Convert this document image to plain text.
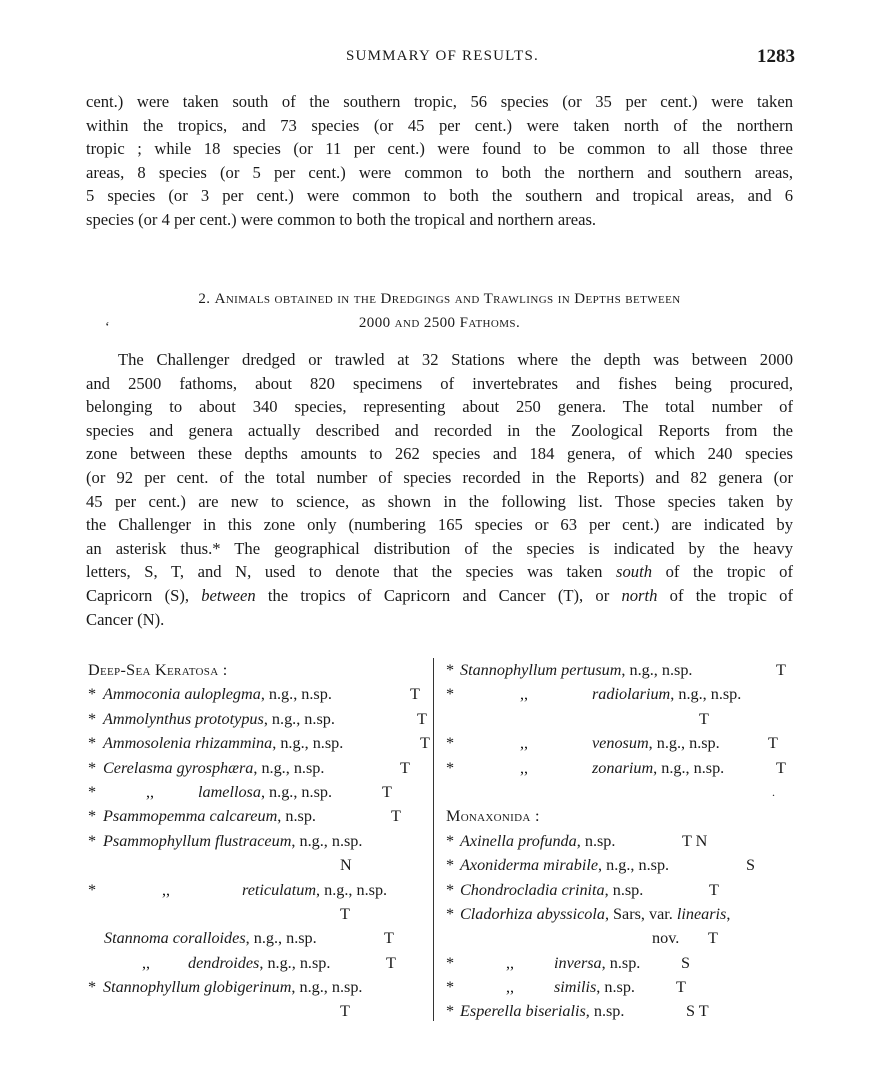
SUMMARY OF RESULTS.	1283
cent.) were taken south of the southern tropic, 56 species (or 35 per cent.) were taken
within the tropics, and 73 species (or 45 per cent.) were taken north of the northern
tropic ; while 18 species (or 11 per cent.) were found to be common to all those three
areas, 8 species (or 5 per cent.) were common to both the northern and southern areas,
5 species (or 3 per cent.) were common to both the southern and tropical areas, and 6
species (or 4 per cent.) were common to both the tropical and northern areas.
2. Animals obtained in the Dredgings and Trawlings in Depths between
2000 and 2500 Fathoms.
‘
The Challenger dredged or trawled at 32 Stations where the depth was between 2000
and 2500 fathoms, about 820 specimens of invertebrates and fishes being procured,
belonging to about 340 species, representing about 250 genera. The total number of
species and genera actually described and recorded in the Zoological Reports from the
zone between these depths amounts to 262 species and 184 genera, of which 240 species
(or 92 per cent. of the total number of species recorded in the Reports) and 82 genera (or
45 per cent.) are new to science, as shown in the following list. Those species taken by
the Challenger in this zone only (numbering 165 species or 63 per cent.) are indicated by
an asterisk thus.* The geographical distribution of the species is indicated by the heavy
letters, S, T, and N, used to denote that the species was taken south of the tropic of
Capricorn (S), between the tropics of Capricorn and Cancer (T), or north of the tropic of
Cancer (N).
Deep-Sea Keratosa :
* Ammoconia auloplegma, n.g., n.sp.	T
* Ammolynthus prototypus, n.g., n.sp.	T
* Ammosolenia rhizammina, n.g., n.sp.	T
* Cerelasma gyrosphæra, n.g., n.sp.	T
*	,,	lamellosa, n.g., n.sp.	T
* Psammopemma calcareum, n.sp.	T
* Psammophyllum flustraceum, n.g., n.sp.
N
*	,,	reticulatum, n.g., n.sp.
T
Stannoma coralloides, n.g., n.sp.	T
,, dendroides, n.g., n.sp.	T
* Stannophyllum globigerinum, n.g., n.sp.
T
* Stannophyllum pertusum, n.g., n.sp.	T
*	,,	radiolarium, n.g., n.sp.
T
*	,,	venosum, n.g., n.sp.	T
*	,,	zonarium, n.g., n.sp.	T
.
Monaxonida :
* Axinella profunda, n.sp.	T N
* Axoniderma mirabile, n.g., n.sp.	S
* Chondrocladia crinita, n.sp.	T
* Cladorhiza abyssicola, Sars, var. linearis,
nov. T
*	,, inversa, n.sp.	S
*	,, similis, n.sp.	T
* Esperella biserialis, n.sp.	S T
